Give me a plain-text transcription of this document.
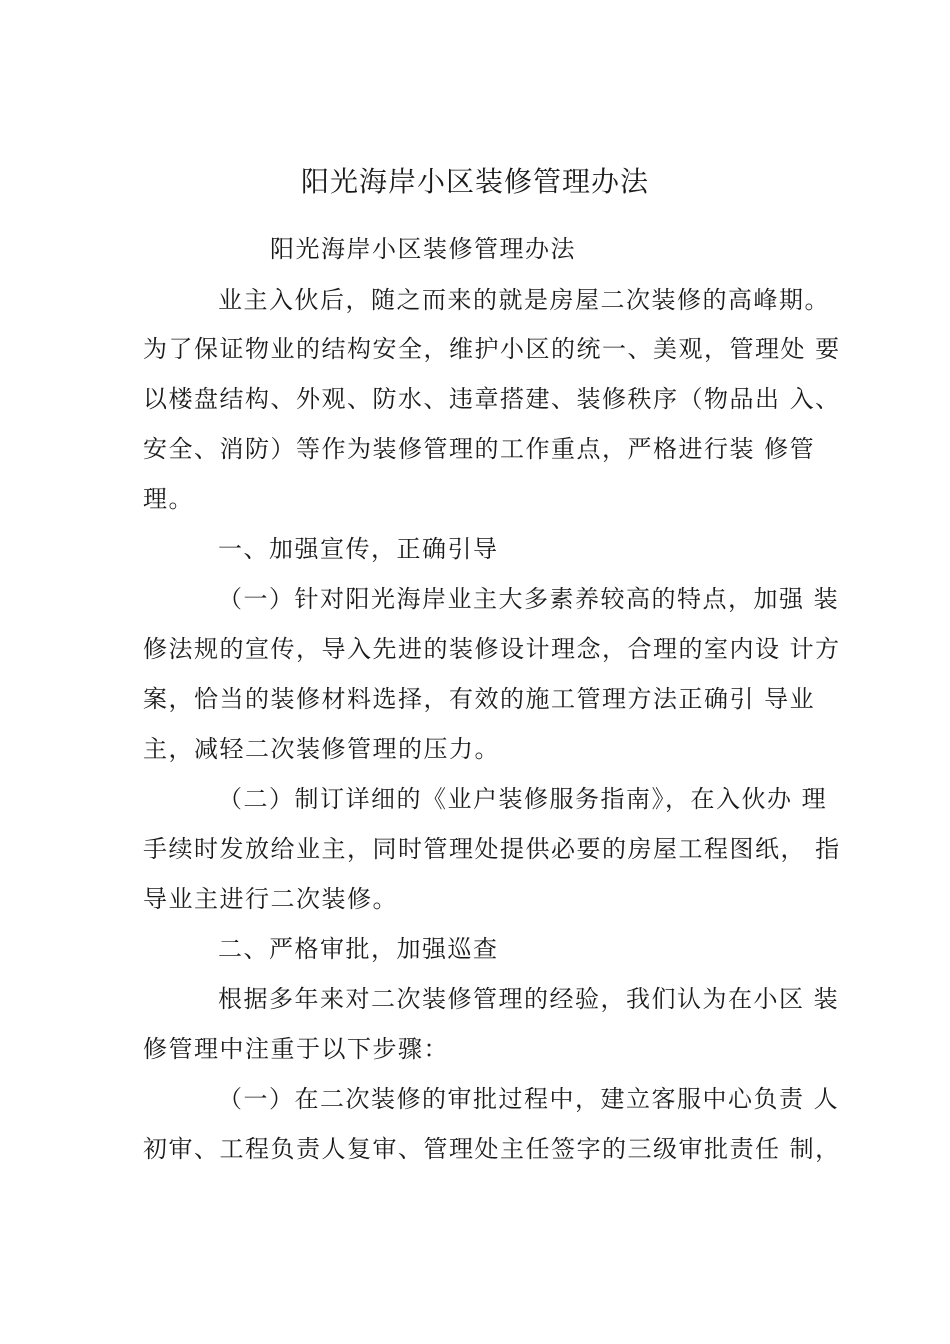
阳光海岸小区装修管理办法
阳光海岸小区装修管理办法
业主入伙后，随之而来的就是房屋二次装修的高峰期。
为了保证物业的结构安全，维护小区的统一、美观，管理处 要
以楼盘结构、外观、防水、违章搭建、装修秩序（物品出 入、
安全、消防）等作为装修管理的工作重点，严格进行装 修管
理。
一、加强宣传，正确引导
（一）针对阳光海岸业主大多素养较高的特点，加强 装
修法规的宣传，导入先进的装修设计理念，合理的室内设 计方
案，恰当的装修材料选择，有效的施工管理方法正确引 导业
主，减轻二次装修管理的压力。
（二）制订详细的《业户装修服务指南》，在入伙办 理
手续时发放给业主，同时管理处提供必要的房屋工程图纸， 指
导业主进行二次装修。
二、严格审批，加强巡查
根据多年来对二次装修管理的经验，我们认为在小区 装
修管理中注重于以下步骤：
（一）在二次装修的审批过程中，建立客服中心负责 人
初审、工程负责人复审、管理处主任签字的三级审批责任 制，
